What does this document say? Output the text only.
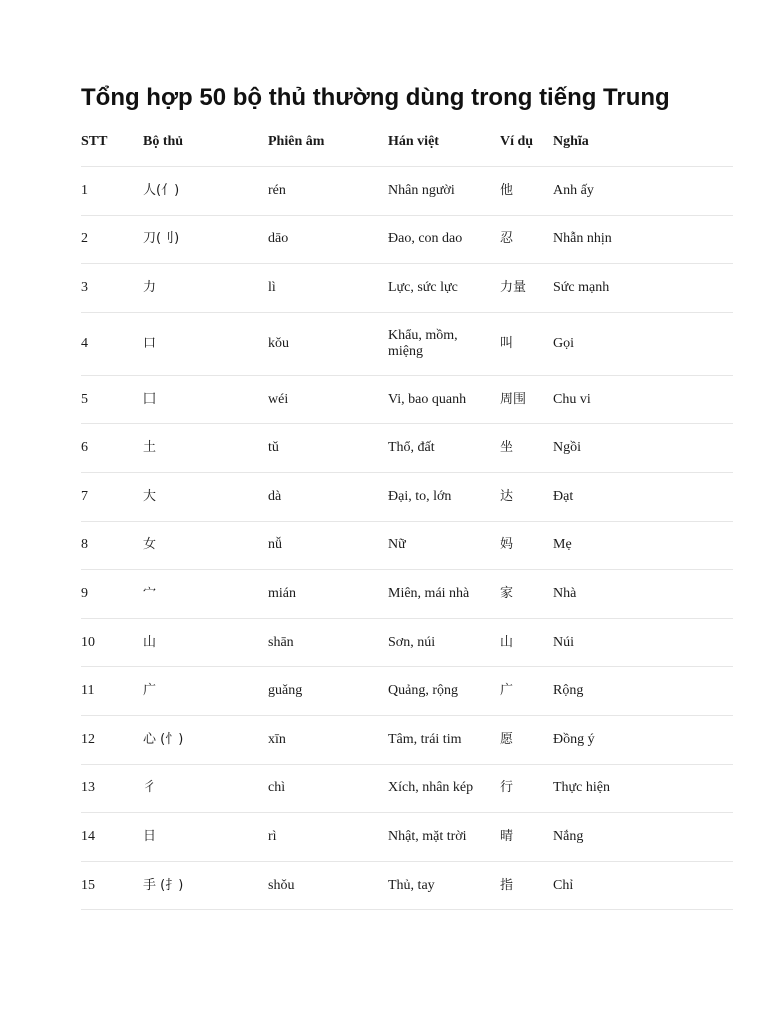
Tổng hợp 50 bộ thủ thường dùng trong tiếng Trung
STT	Bộ thủ	Phiên âm	Hán việt	Ví dụ	Nghĩa
1	人(亻)	rén	Nhân người	他	Anh ấy
2	刀(刂)	dāo	Đao, con dao	忍	Nhẫn nhịn
3	力	lì	Lực, sức lực	力量	Sức mạnh
4	口	kǒu	Khẩu, mồm, miệng	叫	Gọi
5	囗	wéi	Vi, bao quanh	周围	Chu vi
6	土	tǔ	Thổ, đất	坐	Ngồi
7	大	dà	Đại, to, lớn	达	Đạt
8	女	nǚ	Nữ	妈	Mẹ
9	宀	mián	Miên, mái nhà	家	Nhà
10	山	shān	Sơn, núi	山	Núi
11	广	guǎng	Quảng, rộng	广	Rộng
12	心 (忄)	xīn	Tâm, trái tim	愿	Đồng ý
13	彳	chì	Xích, nhân kép	行	Thực hiện
14	日	rì	Nhật, mặt trời	晴	Nắng
15	手 (扌)	shǒu	Thủ, tay	指	Chỉ
